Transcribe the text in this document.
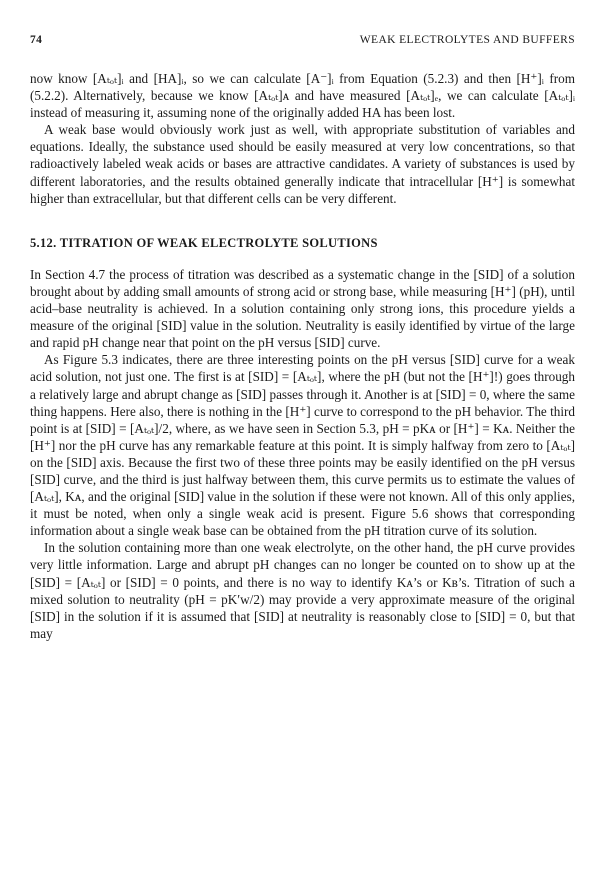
74	WEAK ELECTROLYTES AND BUFFERS

now know [Aₜₒₜ]ᵢ and [HA]ᵢ, so we can calculate [A⁻]ᵢ from Equation (5.2.3) and then [H⁺]ᵢ from (5.2.2). Alternatively, because we know [Aₜₒₜ]ᴀ and have measured [Aₜₒₜ]ₑ, we can calculate [Aₜₒₜ]ᵢ instead of measuring it, assuming none of the originally added HA has been lost.

A weak base would obviously work just as well, with appropriate substitution of variables and equations. Ideally, the substance used should be easily measured at very low concentrations, so that radioactively labeled weak acids or bases are attractive candidates. A variety of substances is used by different laboratories, and the results obtained generally indicate that intracellular [H⁺] is somewhat higher than extracellular, but that different cells can be very different.

5.12. TITRATION OF WEAK ELECTROLYTE SOLUTIONS

In Section 4.7 the process of titration was described as a systematic change in the [SID] of a solution brought about by adding small amounts of strong acid or strong base, while measuring [H⁺] (pH), until acid–base neutrality is achieved. In a solution containing only strong ions, this procedure yields a measure of the original [SID] value in the solution. Neutrality is easily identified by virtue of the large and rapid pH change near that point on the pH versus [SID] curve.

As Figure 5.3 indicates, there are three interesting points on the pH versus [SID] curve for a weak acid solution, not just one. The first is at [SID] = [Aₜₒₜ], where the pH (but not the [H⁺]!) goes through a relatively large and abrupt change as [SID] passes through it. Another is at [SID] = 0, where the same thing happens. Here also, there is nothing in the [H⁺] curve to correspond to the pH behavior. The third point is at [SID] = [Aₜₒₜ]/2, where, as we have seen in Section 5.3, pH = pKᴀ or [H⁺] = Kᴀ. Neither the [H⁺] nor the pH curve has any remarkable feature at this point. It is simply halfway from zero to [Aₜₒₜ] on the [SID] axis. Because the first two of these three points may be easily identified on the pH versus [SID] curve, and the third is just halfway between them, this curve permits us to estimate the values of [Aₜₒₜ], Kᴀ, and the original [SID] value in the solution if these were not known. All of this only applies, it must be noted, when only a single weak acid is present. Figure 5.6 shows that corresponding information about a single weak base can be obtained from the pH titration curve of its solution.

In the solution containing more than one weak electrolyte, on the other hand, the pH curve provides very little information. Large and abrupt pH changes can no longer be counted on to show up at the [SID] = [Aₜₒₜ] or [SID] = 0 points, and there is no way to identify Kᴀ’s or Kʙ’s. Titration of such a mixed solution to neutrality (pH = pK′w/2) may provide a very approximate measure of the original [SID] in the solution if it is assumed that [SID] at neutrality is reasonably close to [SID] = 0, but that may
